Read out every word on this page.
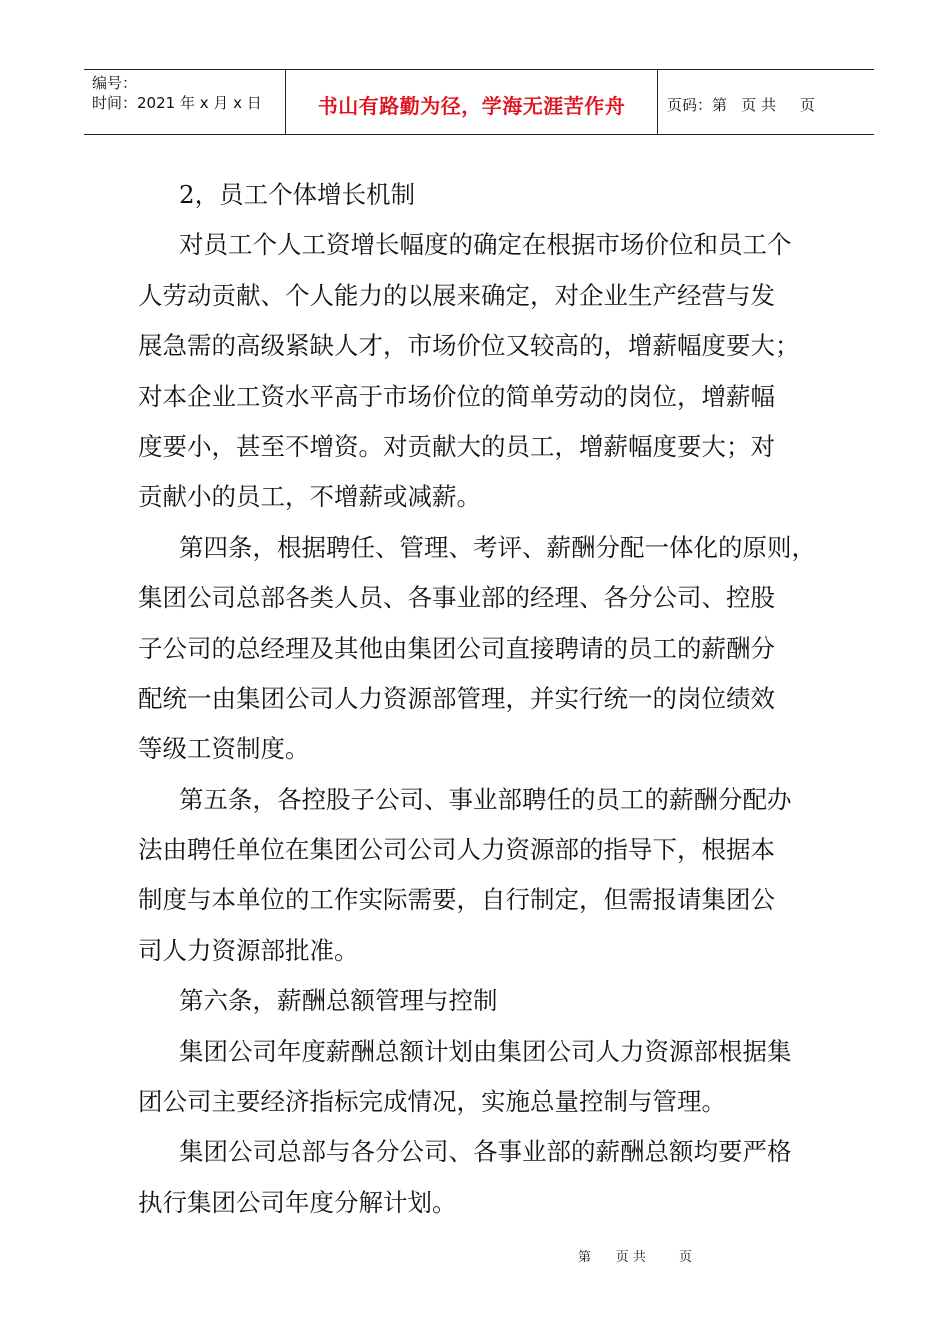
编号：
时间：2021 年 x 月 x 日	书山有路勤为径，学海无涯苦作舟	页码：第   页 共     页
2，员工个体增长机制
对员工个人工资增长幅度的确定在根据市场价位和员工个
人劳动贡献、个人能力的以展来确定，对企业生产经营与发
展急需的高级紧缺人才，市场价位又较高的，增薪幅度要大；
对本企业工资水平高于市场价位的简单劳动的岗位，增薪幅
度要小，甚至不增资。对贡献大的员工，增薪幅度要大；对
贡献小的员工，不增薪或减薪。
第四条，根据聘任、管理、考评、薪酬分配一体化的原则，
集团公司总部各类人员、各事业部的经理、各分公司、控股
子公司的总经理及其他由集团公司直接聘请的员工的薪酬分
配统一由集团公司人力资源部管理，并实行统一的岗位绩效
等级工资制度。
第五条，各控股子公司、事业部聘任的员工的薪酬分配办
法由聘任单位在集团公司公司人力资源部的指导下，根据本
制度与本单位的工作实际需要，自行制定，但需报请集团公
司人力资源部批准。
第六条，薪酬总额管理与控制
集团公司年度薪酬总额计划由集团公司人力资源部根据集
团公司主要经济指标完成情况，实施总量控制与管理。
集团公司总部与各分公司、各事业部的薪酬总额均要严格
执行集团公司年度分解计划。
第      页 共        页
